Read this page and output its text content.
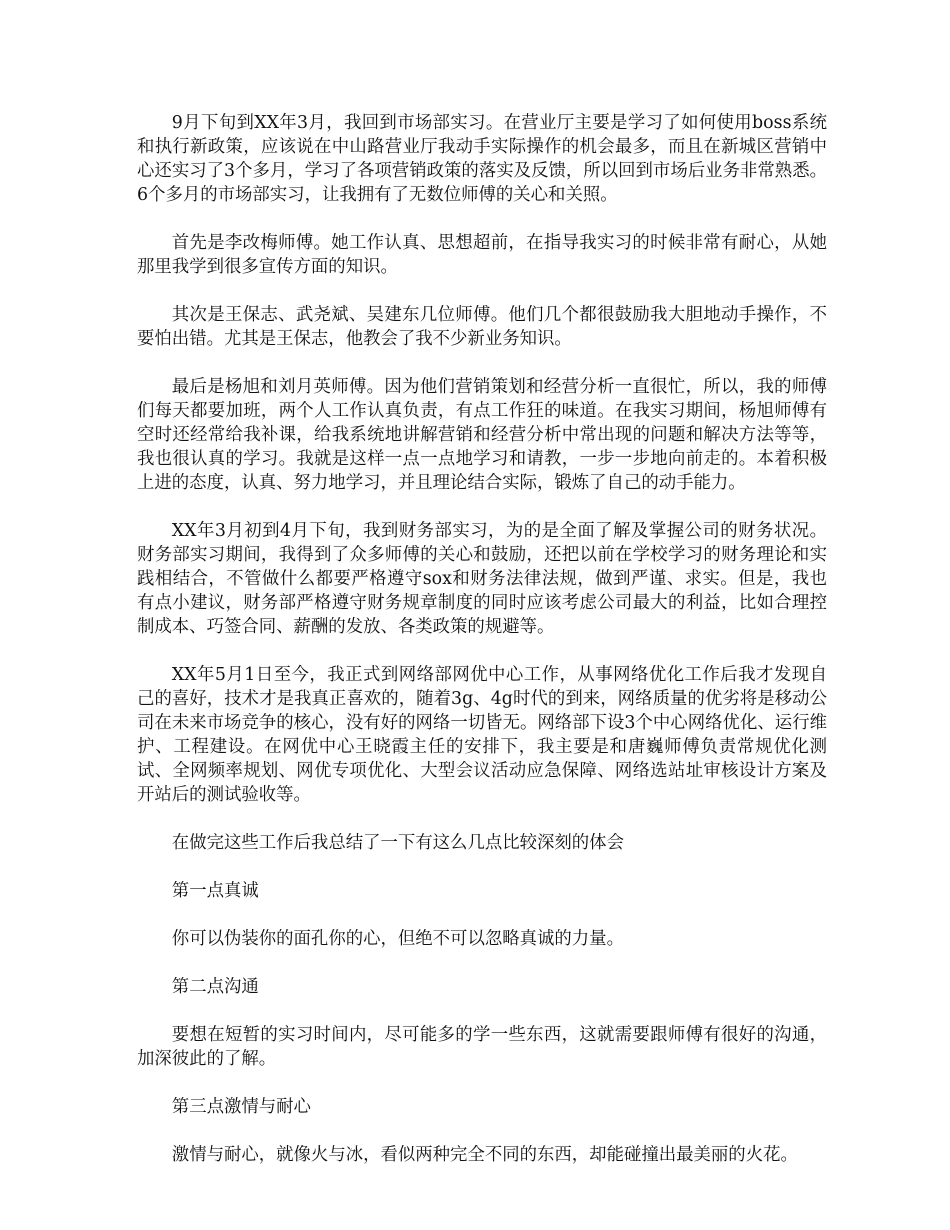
9月下旬到XX年3月，我回到市场部实习。在营业厅主要是学习了如何使用boss系统和执行新政策，应该说在中山路营业厅我动手实际操作的机会最多，而且在新城区营销中心还实习了3个多月，学习了各项营销政策的落实及反馈，所以回到市场后业务非常熟悉。6个多月的市场部实习，让我拥有了无数位师傅的关心和关照。

首先是李改梅师傅。她工作认真、思想超前，在指导我实习的时候非常有耐心，从她那里我学到很多宣传方面的知识。

其次是王保志、武尧斌、吴建东几位师傅。他们几个都很鼓励我大胆地动手操作，不要怕出错。尤其是王保志，他教会了我不少新业务知识。

最后是杨旭和刘月英师傅。因为他们营销策划和经营分析一直很忙，所以，我的师傅们每天都要加班，两个人工作认真负责，有点工作狂的味道。在我实习期间，杨旭师傅有空时还经常给我补课，给我系统地讲解营销和经营分析中常出现的问题和解决方法等等，我也很认真的学习。我就是这样一点一点地学习和请教，一步一步地向前走的。本着积极上进的态度，认真、努力地学习，并且理论结合实际，锻炼了自己的动手能力。

XX年3月初到4月下旬，我到财务部实习，为的是全面了解及掌握公司的财务状况。财务部实习期间，我得到了众多师傅的关心和鼓励，还把以前在学校学习的财务理论和实践相结合，不管做什么都要严格遵守sox和财务法律法规，做到严谨、求实。但是，我也有点小建议，财务部严格遵守财务规章制度的同时应该考虑公司最大的利益，比如合理控制成本、巧签合同、薪酬的发放、各类政策的规避等。

XX年5月1日至今，我正式到网络部网优中心工作，从事网络优化工作后我才发现自己的喜好，技术才是我真正喜欢的，随着3g、4g时代的到来，网络质量的优劣将是移动公司在未来市场竞争的核心，没有好的网络一切皆无。网络部下设3个中心网络优化、运行维护、工程建设。在网优中心王晓霞主任的安排下，我主要是和唐巍师傅负责常规优化测试、全网频率规划、网优专项优化、大型会议活动应急保障、网络选站址审核设计方案及开站后的测试验收等。

在做完这些工作后我总结了一下有这么几点比较深刻的体会

第一点真诚

你可以伪装你的面孔你的心，但绝不可以忽略真诚的力量。

第二点沟通

要想在短暂的实习时间内，尽可能多的学一些东西，这就需要跟师傅有很好的沟通，加深彼此的了解。

第三点激情与耐心

激情与耐心，就像火与冰，看似两种完全不同的东西，却能碰撞出最美丽的火花。
